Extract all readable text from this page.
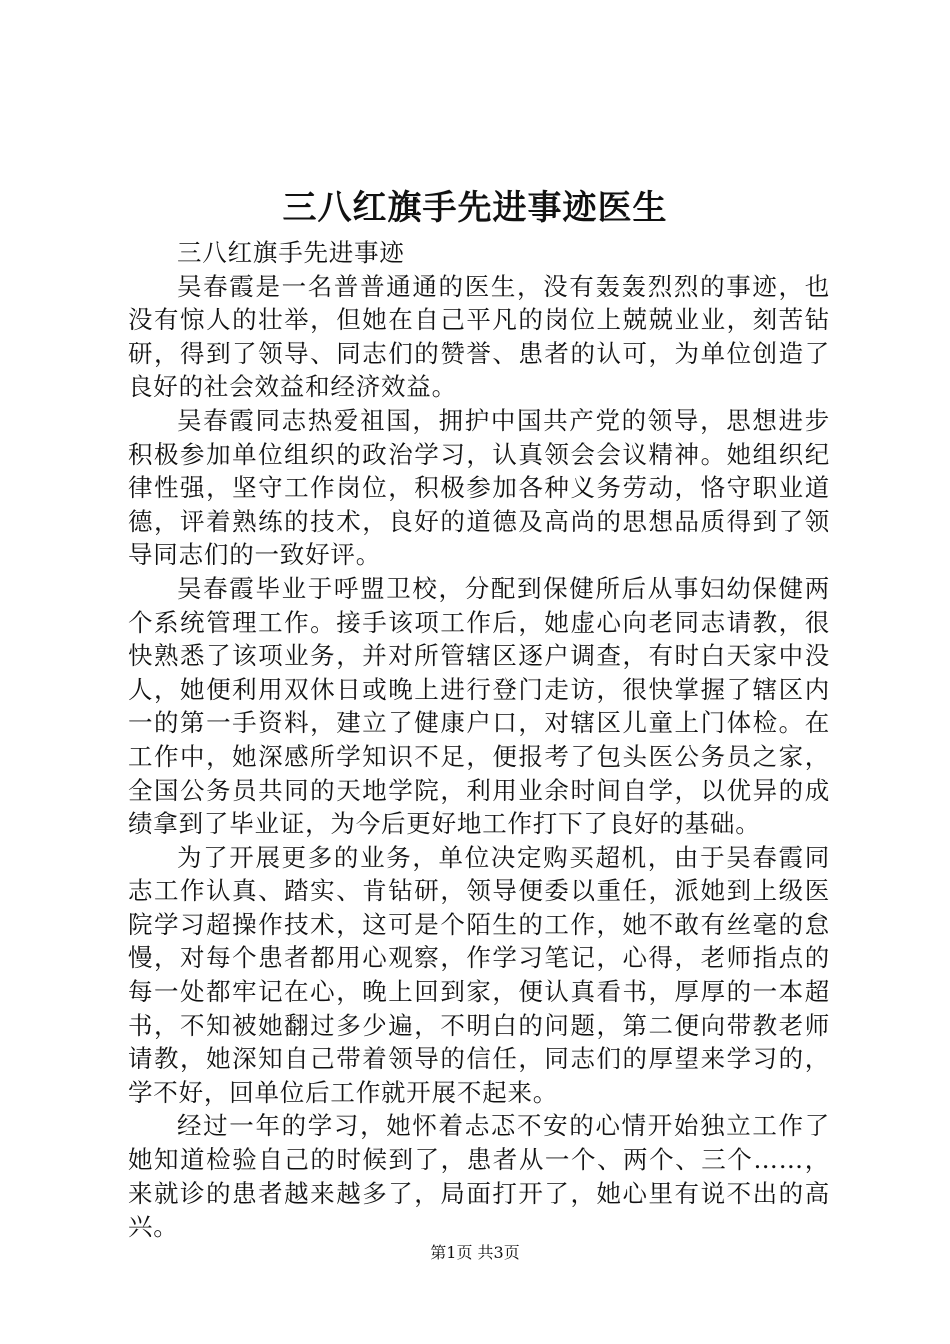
三八红旗手先进事迹医生

三八红旗手先进事迹

吴春霞是一名普普通通的医生，没有轰轰烈烈的事迹，也没有惊人的壮举，但她在自己平凡的岗位上兢兢业业，刻苦钻研，得到了领导、同志们的赞誉、患者的认可，为单位创造了良好的社会效益和经济效益。

吴春霞同志热爱祖国，拥护中国共产党的领导，思想进步积极参加单位组织的政治学习，认真领会会议精神。她组织纪律性强，坚守工作岗位，积极参加各种义务劳动，恪守职业道德，评着熟练的技术，良好的道德及高尚的思想品质得到了领导同志们的一致好评。

吴春霞毕业于呼盟卫校，分配到保健所后从事妇幼保健两个系统管理工作。接手该项工作后，她虚心向老同志请教，很快熟悉了该项业务，并对所管辖区逐户调查，有时白天家中没人，她便利用双休日或晚上进行登门走访，很快掌握了辖区内一的第一手资料，建立了健康户口，对辖区儿童上门体检。在工作中，她深感所学知识不足，便报考了包头医公务员之家，全国公务员共同的天地学院，利用业余时间自学，以优异的成绩拿到了毕业证，为今后更好地工作打下了良好的基础。

为了开展更多的业务，单位决定购买超机，由于吴春霞同志工作认真、踏实、肯钻研，领导便委以重任，派她到上级医院学习超操作技术，这可是个陌生的工作，她不敢有丝毫的怠慢，对每个患者都用心观察，作学习笔记，心得，老师指点的每一处都牢记在心，晚上回到家，便认真看书，厚厚的一本超书，不知被她翻过多少遍，不明白的问题，第二便向带教老师请教，她深知自己带着领导的信任，同志们的厚望来学习的，学不好，回单位后工作就开展不起来。

经过一年的学习，她怀着忐忑不安的心情开始独立工作了她知道检验自己的时候到了，患者从一个、两个、三个……，来就诊的患者越来越多了，局面打开了，她心里有说不出的高兴。

第1页 共3页
